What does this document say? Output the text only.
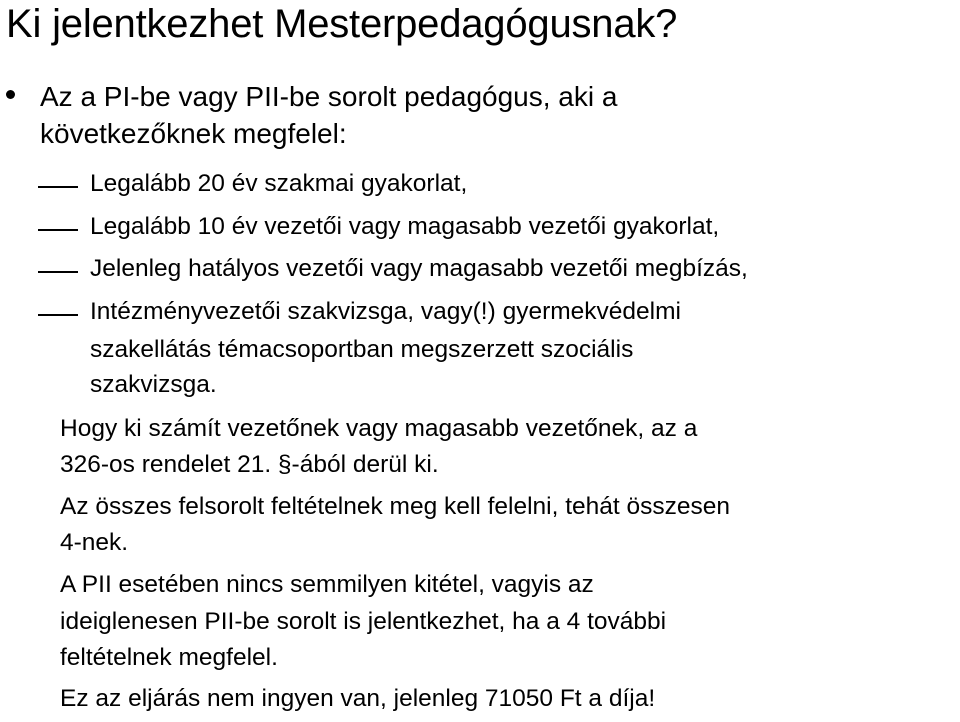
Ki jelentkezhet Mesterpedagógusnak?
Az a PI-be vagy PII-be sorolt pedagógus, aki a
következőknek megfelel:
Legalább 20 év szakmai gyakorlat,
Legalább 10 év vezetői vagy magasabb vezetői gyakorlat,
Jelenleg hatályos vezetői vagy magasabb vezetői megbízás,
Intézményvezetői szakvizsga, vagy(!) gyermekvédelmi
szakellátás témacsoportban megszerzett szociális
szakvizsga.
Hogy ki számít vezetőnek vagy magasabb vezetőnek, az a
326-os rendelet 21. §-ából derül ki.
Az összes felsorolt feltételnek meg kell felelni, tehát összesen
4-nek.
A PII esetében nincs semmilyen kitétel, vagyis az
ideiglenesen PII-be sorolt is jelentkezhet, ha a 4 további
feltételnek megfelel.
Ez az eljárás nem ingyen van, jelenleg 71050 Ft a díja!
